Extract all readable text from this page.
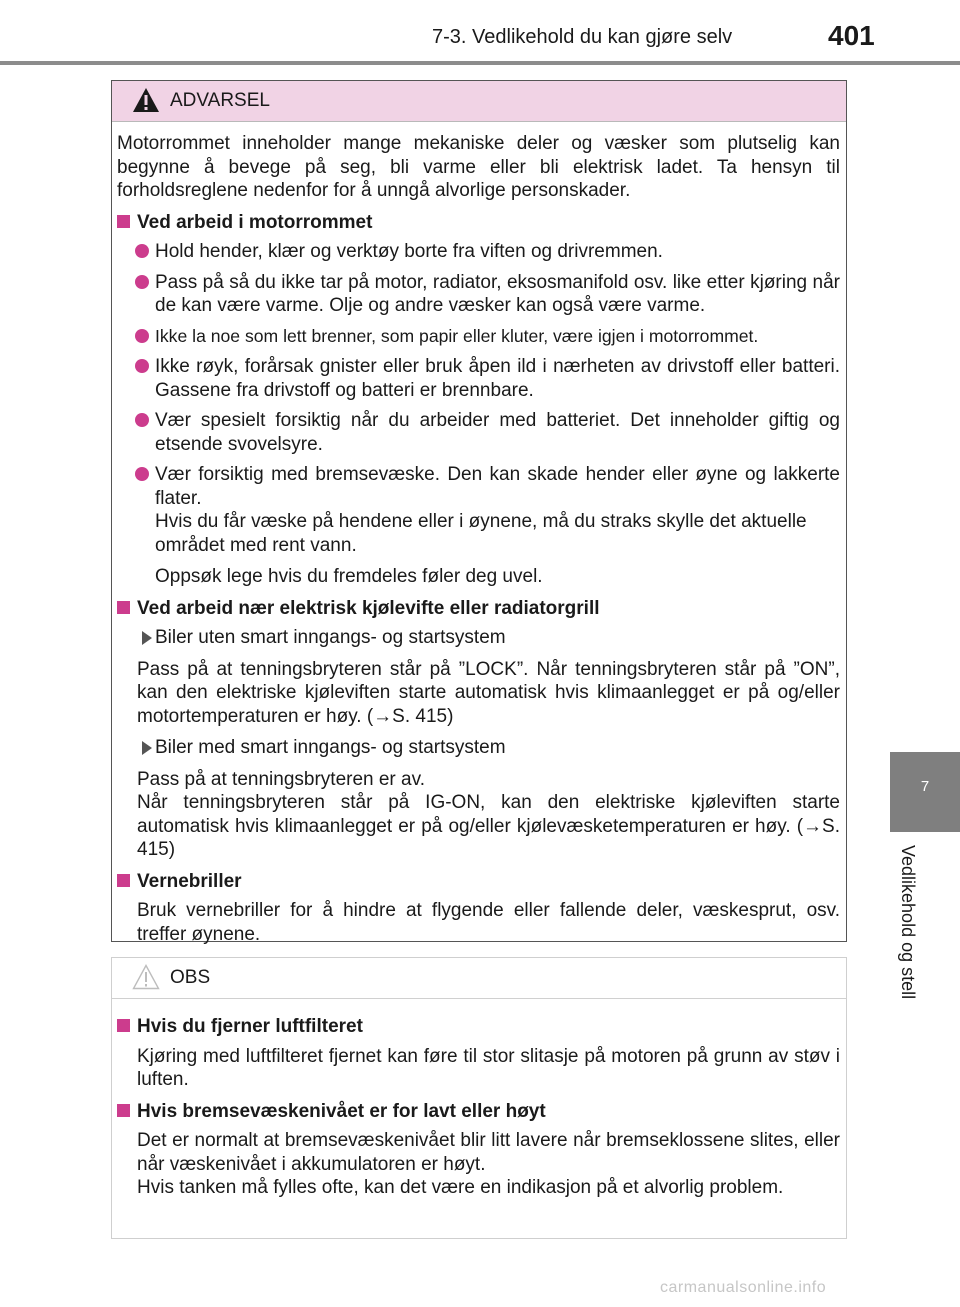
7-3. Vedlikehold du kan gjøre selv	401
7
Vedlikehold og stell
ADVARSEL

Motorrommet inneholder mange mekaniske deler og væsker som plutselig kan begynne å bevege på seg, bli varme eller bli elektrisk ladet. Ta hensyn til forholdsreglene nedenfor for å unngå alvorlige personskader.

Ved arbeid i motorrommet
Hold hender, klær og verktøy borte fra viften og drivremmen.
Pass på så du ikke tar på motor, radiator, eksosmanifold osv. like etter kjøring når de kan være varme. Olje og andre væsker kan også være varme.
Ikke la noe som lett brenner, som papir eller kluter, være igjen i motorrommet.
Ikke røyk, forårsak gnister eller bruk åpen ild i nærheten av drivstoff eller batteri. Gassene fra drivstoff og batteri er brennbare.
Vær spesielt forsiktig når du arbeider med batteriet. Det inneholder giftig og etsende svovelsyre.
Vær forsiktig med bremsevæske. Den kan skade hender eller øyne og lakkerte flater.
Hvis du får væske på hendene eller i øynene, må du straks skylle det aktuelle området med rent vann.
Oppsøk lege hvis du fremdeles føler deg uvel.
Ved arbeid nær elektrisk kjølevifte eller radiatorgrill
Biler uten smart inngangs- og startsystem
Pass på at tenningsbryteren står på ”LOCK”. Når tenningsbryteren står på ”ON”, kan den elektriske kjøleviften starte automatisk hvis klimaanlegget er på og/eller motortemperaturen er høy. (→S. 415)
Biler med smart inngangs- og startsystem
Pass på at tenningsbryteren er av.
Når tenningsbryteren står på IG-ON, kan den elektriske kjøleviften starte automatisk hvis klimaanlegget er på og/eller kjølevæsketemperaturen er høy. (→S. 415)
Vernebriller
Bruk vernebriller for å hindre at flygende eller fallende deler, væskesprut, osv. treffer øynene.
OBS
Hvis du fjerner luftfilteret
Kjøring med luftfilteret fjernet kan føre til stor slitasje på motoren på grunn av støv i luften.
Hvis bremsevæskenivået er for lavt eller høyt
Det er normalt at bremsevæskenivået blir litt lavere når bremseklossene slites, eller når væskenivået i akkumulatoren er høyt.
Hvis tanken må fylles ofte, kan det være en indikasjon på et alvorlig problem.
carmanualsonline.info
